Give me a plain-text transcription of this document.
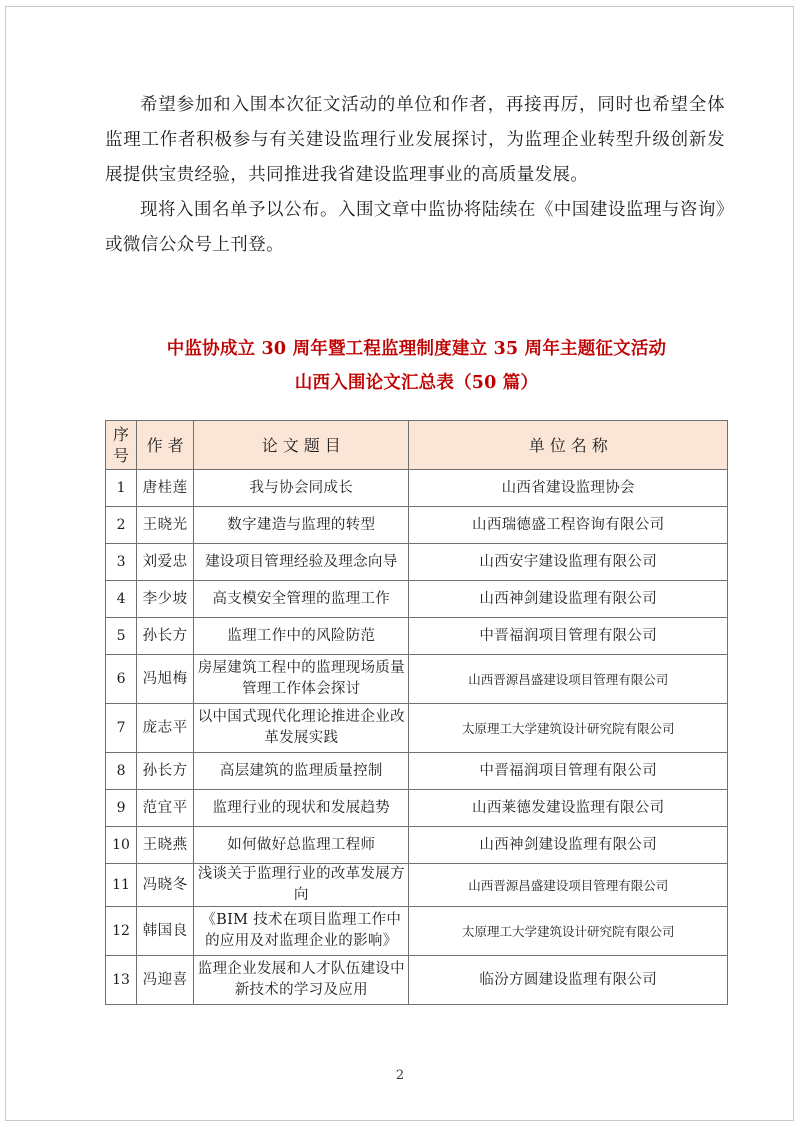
希望参加和入围本次征文活动的单位和作者，再接再厉，同时也希望全体监理工作者积极参与有关建设监理行业发展探讨，为监理企业转型升级创新发展提供宝贵经验，共同推进我省建设监理事业的高质量发展。

现将入围名单予以公布。入围文章中监协将陆续在《中国建设监理与咨询》或微信公众号上刊登。

中监协成立 30 周年暨工程监理制度建立 35 周年主题征文活动
山西入围论文汇总表（50 篇）
序号	作者	论文题目	单位名称
1	唐桂莲	我与协会同成长	山西省建设监理协会
2	王晓光	数字建造与监理的转型	山西瑞德盛工程咨询有限公司
3	刘爱忠	建设项目管理经验及理念向导	山西安宇建设监理有限公司
4	李少坡	高支模安全管理的监理工作	山西神剑建设监理有限公司
5	孙长方	监理工作中的风险防范	中晋福润项目管理有限公司
6	冯旭梅	房屋建筑工程中的监理现场质量管理工作体会探讨	山西晋源昌盛建设项目管理有限公司
7	庞志平	以中国式现代化理论推进企业改革发展实践	太原理工大学建筑设计研究院有限公司
8	孙长方	高层建筑的监理质量控制	中晋福润项目管理有限公司
9	范宜平	监理行业的现状和发展趋势	山西莱德发建设监理有限公司
10	王晓燕	如何做好总监理工程师	山西神剑建设监理有限公司
11	冯晓冬	浅谈关于监理行业的改革发展方向	山西晋源昌盛建设项目管理有限公司
12	韩国良	《BIM 技术在项目监理工作中的应用及对监理企业的影响》	太原理工大学建筑设计研究院有限公司
13	冯迎喜	监理企业发展和人才队伍建设中新技术的学习及应用	临汾方圆建设监理有限公司
2
